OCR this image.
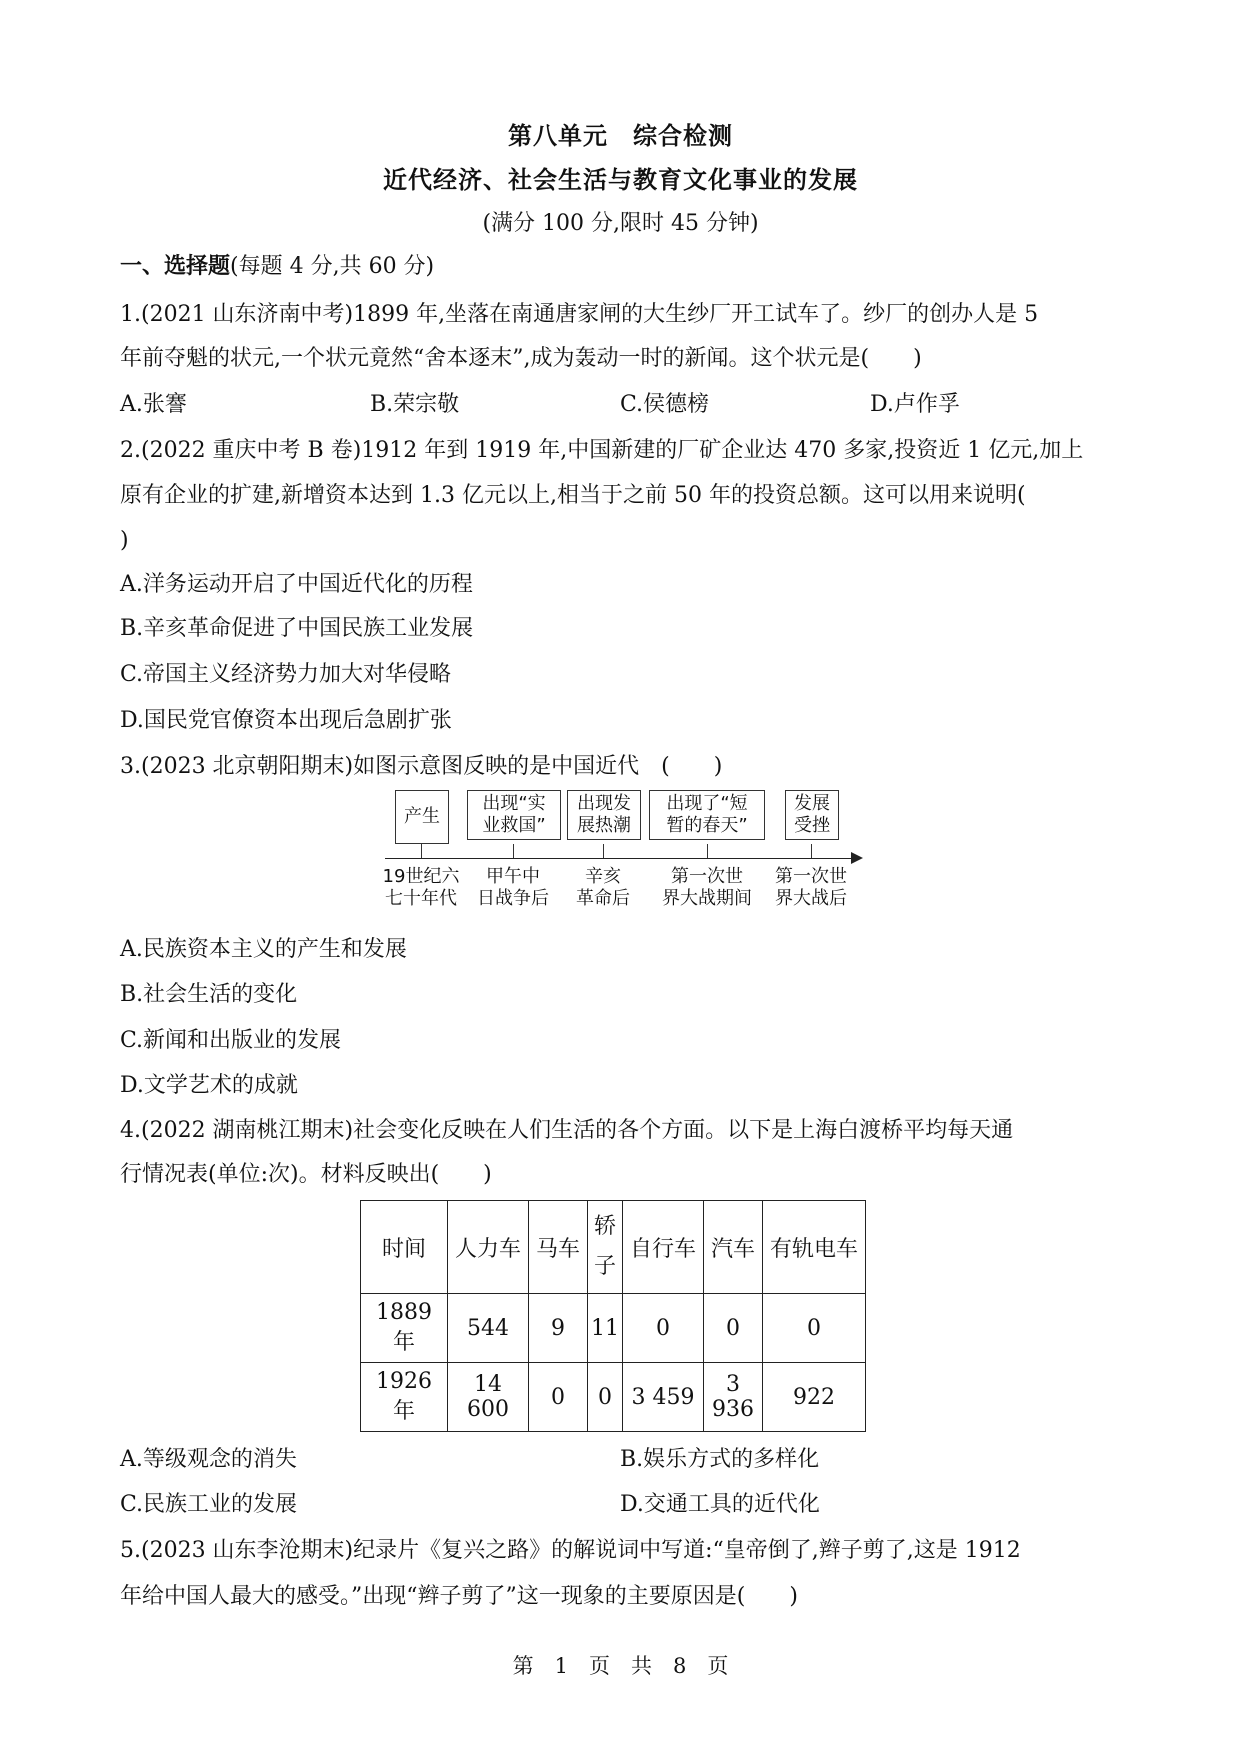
第八单元　综合检测
近代经济、社会生活与教育文化事业的发展
(满分 100 分,限时 45 分钟)
一、选择题(每题 4 分,共 60 分)
1.(2021 山东济南中考)1899 年,坐落在南通唐家闸的大生纱厂开工试车了。纱厂的创办人是 5
年前夺魁的状元,一个状元竟然“舍本逐末”,成为轰动一时的新闻。这个状元是(　　)
A.张謇	B.荣宗敬	C.侯德榜	D.卢作孚
2.(2022 重庆中考 B 卷)1912 年到 1919 年,中国新建的厂矿企业达 470 多家,投资近 1 亿元,加上
原有企业的扩建,新增资本达到 1.3 亿元以上,相当于之前 50 年的投资总额。这可以用来说明(
)
A.洋务运动开启了中国近代化的历程
B.辛亥革命促进了中国民族工业发展
C.帝国主义经济势力加大对华侵略
D.国民党官僚资本出现后急剧扩张
3.(2023 北京朝阳期末)如图示意图反映的是中国近代　(　　)
产生
出现“实
业救国”
出现发
展热潮
出现了“短
暂的春天”
发展
受挫
19世纪六
七十年代
甲午中
日战争后
辛亥
革命后
第一次世
界大战期间
第一次世
界大战后
A.民族资本主义的产生和发展
B.社会生活的变化
C.新闻和出版业的发展
D.文学艺术的成就
4.(2022 湖南桃江期末)社会变化反映在人们生活的各个方面。以下是上海白渡桥平均每天通
行情况表(单位:次)。材料反映出(　　)
时间	人力车	马车	轿子	自行车	汽车	有轨电车
1889 年	544	9	11	0	0	0
1926 年	14 600	0	0	3 459	3 936	922
A.等级观念的消失	B.娱乐方式的多样化
C.民族工业的发展	D.交通工具的近代化
5.(2023 山东李沧期末)纪录片《复兴之路》的解说词中写道:“皇帝倒了,辫子剪了,这是 1912
年给中国人最大的感受。”出现“辫子剪了”这一现象的主要原因是(　　)
第　1　页　共　8　页
